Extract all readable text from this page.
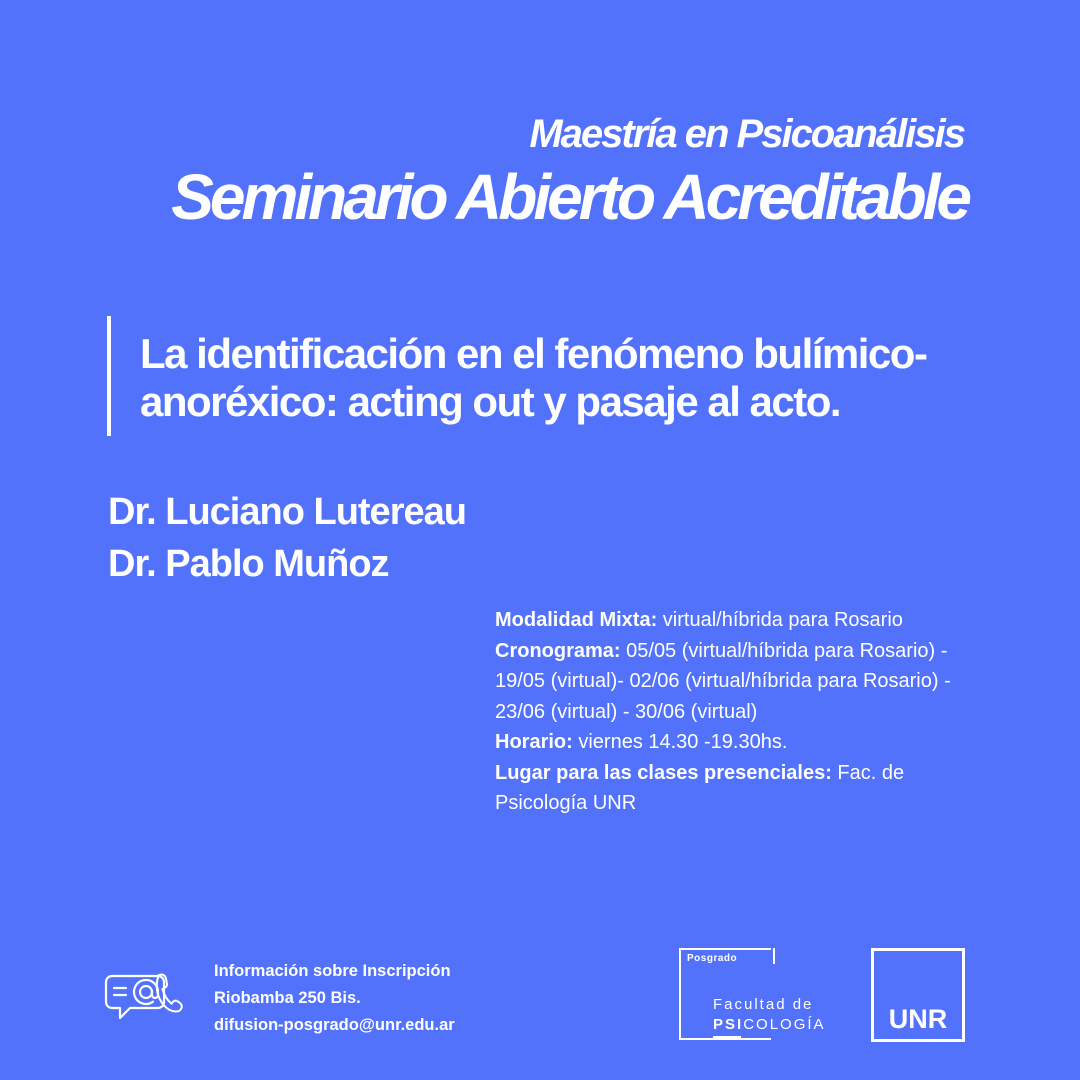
Maestría en Psicoanálisis
Seminario Abierto Acreditable
La identificación en el fenómeno bulímico-
anoréxico: acting out y pasaje al acto.
Dr. Luciano Lutereau
Dr. Pablo Muñoz
Modalidad Mixta: virtual/híbrida para Rosario
Cronograma: 05/05 (virtual/híbrida para Rosario) - 19/05 (virtual)- 02/06 (virtual/híbrida para Rosario) - 23/06 (virtual) - 30/06 (virtual)
Horario: viernes 14.30 -19.30hs.
Lugar para las clases presenciales: Fac. de Psicología UNR
Información sobre Inscripción
Riobamba 250 Bis.
difusion-posgrado@unr.edu.ar
Posgrado
Facultad de
PSICOLOGÍA	UNR
